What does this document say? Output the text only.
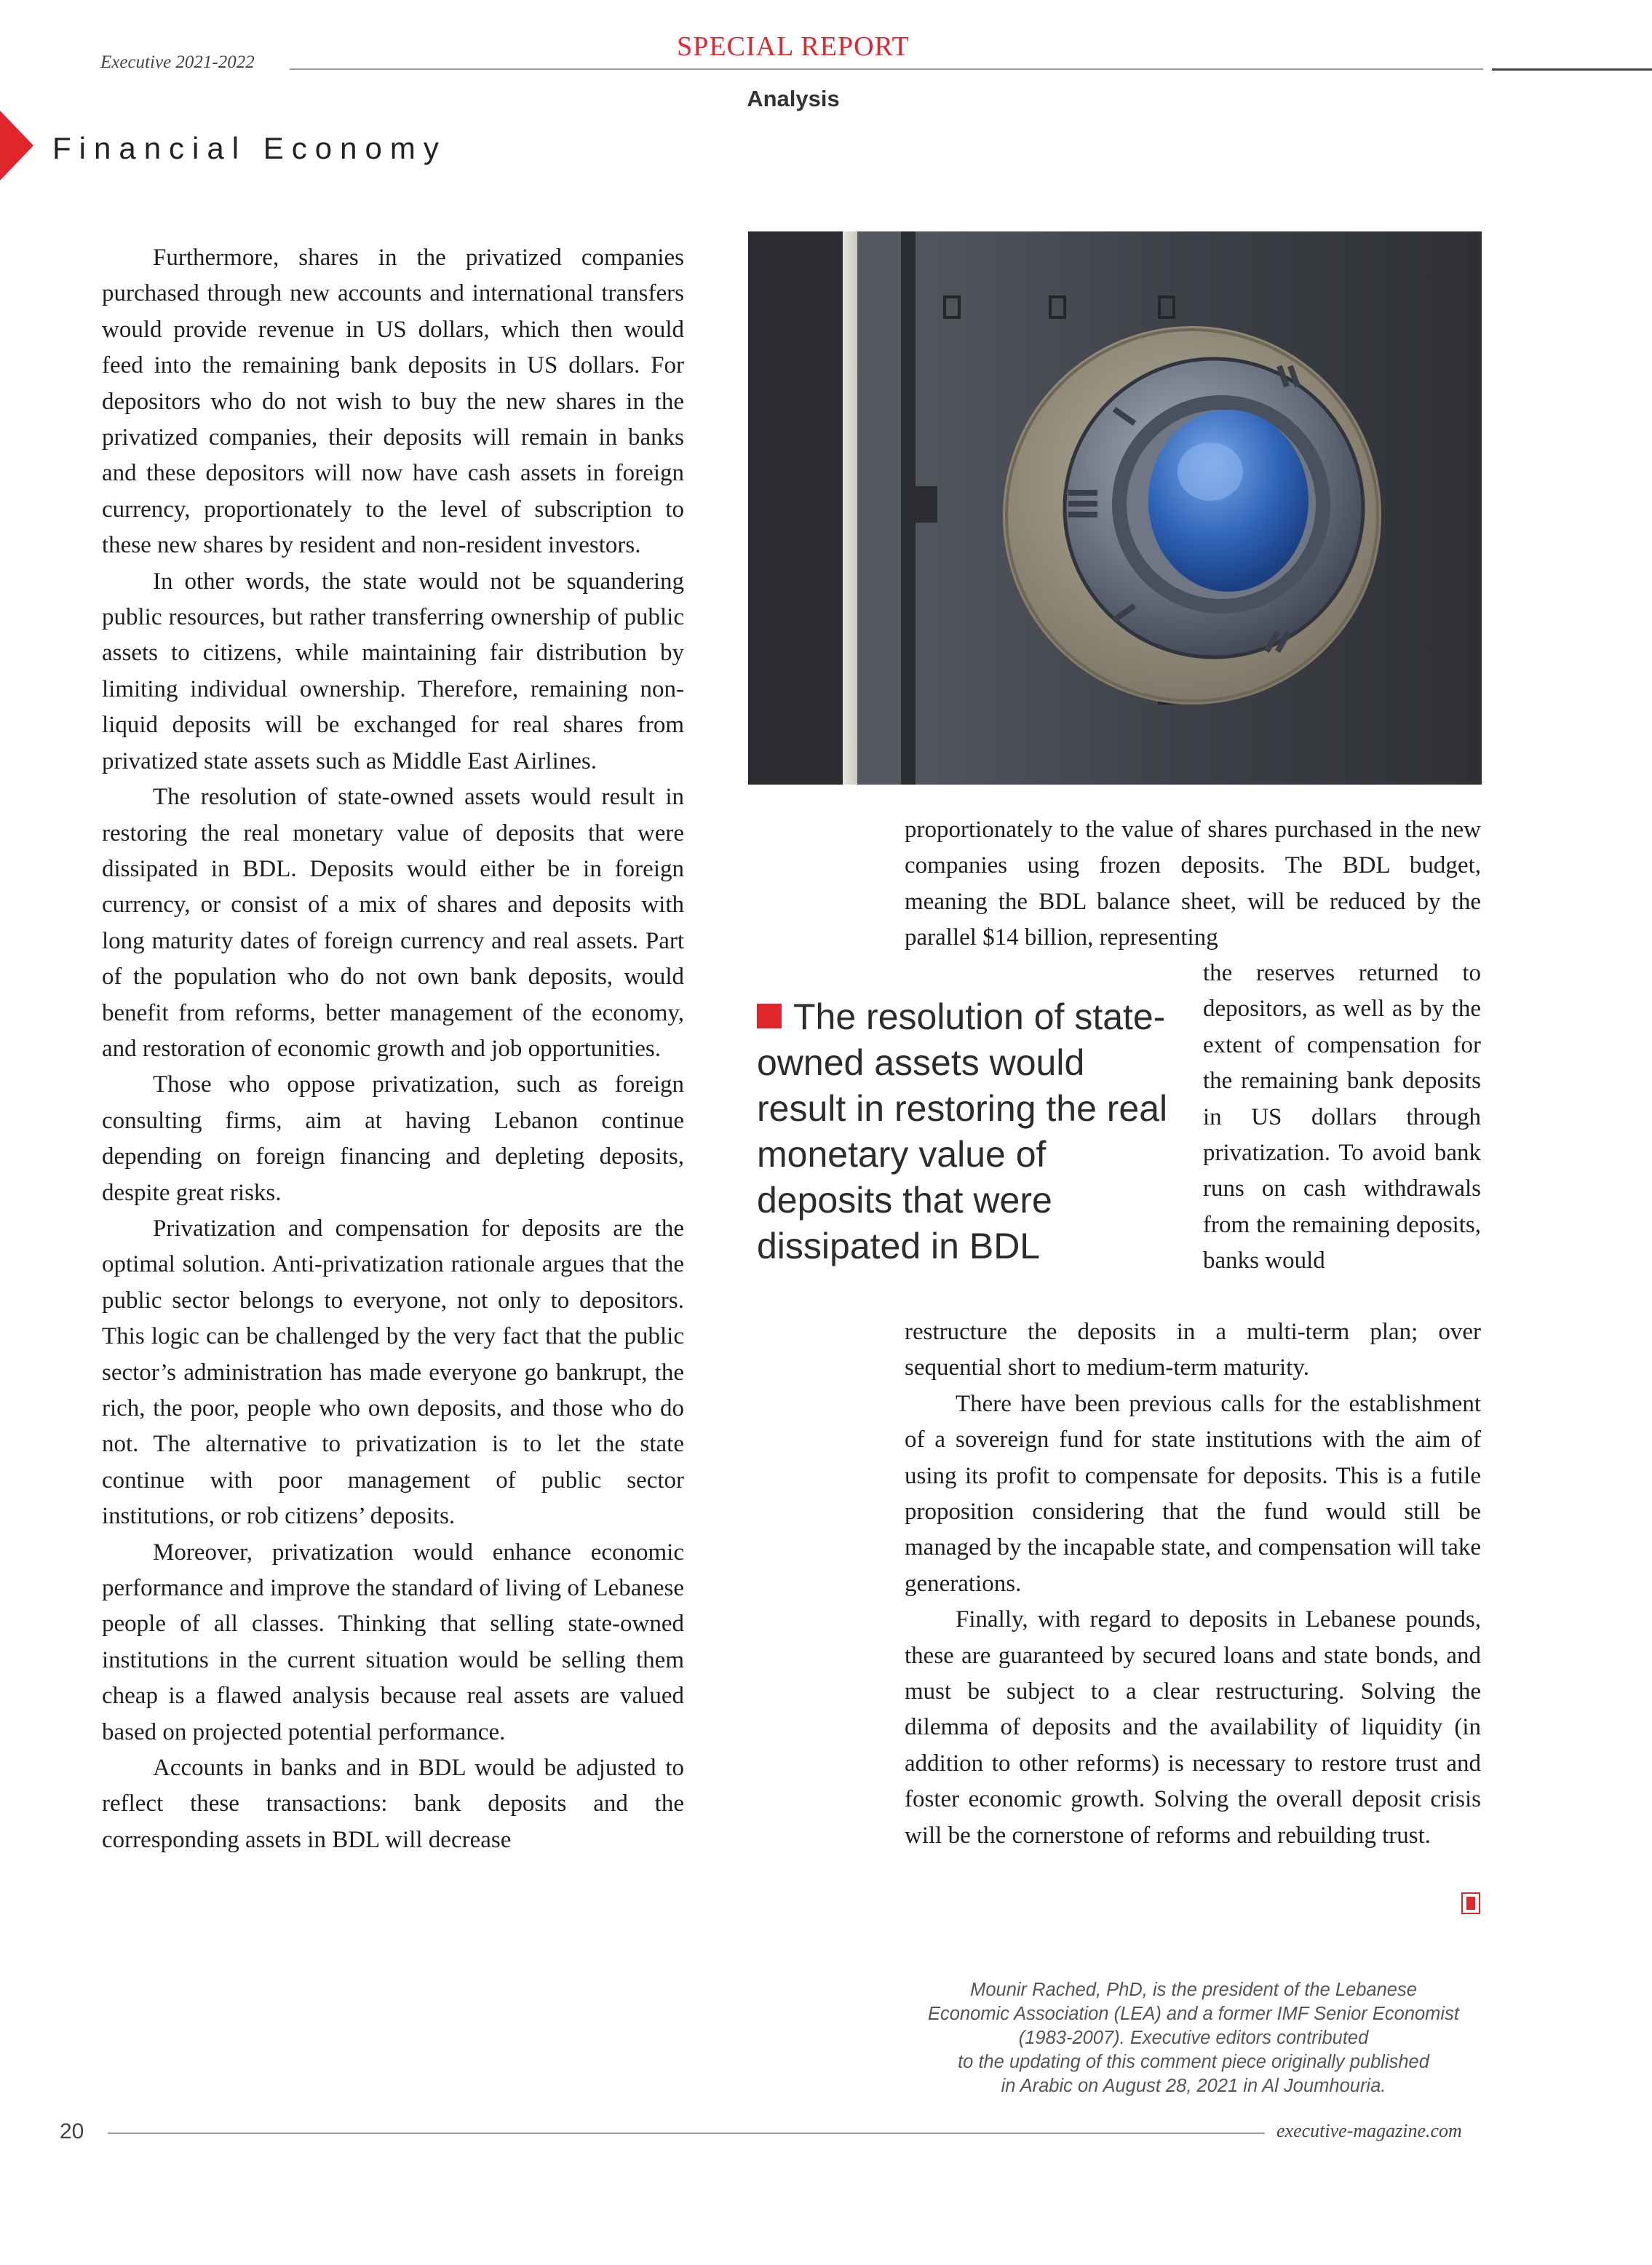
Executive 2021-2022
SPECIAL REPORT
Analysis
Financial Economy

Furthermore, shares in the privatized companies purchased through new accounts and international transfers would provide revenue in US dollars, which then would feed into the remaining bank deposits in US dollars. For depositors who do not wish to buy the new shares in the privatized companies, their deposits will remain in banks and these depositors will now have cash assets in foreign currency, proportionately to the level of subscription to these new shares by resident and non-resident investors.

In other words, the state would not be squandering public resources, but rather transferring ownership of public assets to citizens, while maintaining fair distribution by limiting individual ownership. Therefore, remaining non-liquid deposits will be exchanged for real shares from privatized state assets such as Middle East Airlines.

The resolution of state-owned assets would result in restoring the real monetary value of deposits that were dissipated in BDL. Deposits would either be in foreign currency, or consist of a mix of shares and deposits with long maturity dates of foreign currency and real assets. Part of the population who do not own bank deposits, would benefit from reforms, better management of the economy, and restoration of economic growth and job opportunities.

Those who oppose privatization, such as foreign consulting firms, aim at having Lebanon continue depending on foreign financing and depleting deposits, despite great risks.

Privatization and compensation for deposits are the optimal solution. Anti-privatization rationale argues that the public sector belongs to everyone, not only to depositors. This logic can be challenged by the very fact that the public sector’s administration has made everyone go bankrupt, the rich, the poor, people who own deposits, and those who do not. The alternative to privatization is to let the state continue with poor management of public sector institutions, or rob citizens’ deposits.

Moreover, privatization would enhance economic performance and improve the standard of living of Lebanese people of all classes. Thinking that selling state-owned institutions in the current situation would be selling them cheap is a flawed analysis because real assets are valued based on projected potential performance.

Accounts in banks and in BDL would be adjusted to reflect these transactions: bank deposits and the corresponding assets in BDL will decrease

proportionately to the value of shares purchased in the new companies using frozen deposits. The BDL budget, meaning the BDL balance sheet, will be reduced by the parallel $14 billion, representing

The resolution of state-owned assets would result in restoring the real monetary value of deposits that were dissipated in BDL

the reserves returned to depositors, as well as by the extent of compensation for the remaining bank deposits in US dollars through privatization. To avoid bank runs on cash withdrawals from the remaining deposits, banks would

restructure the deposits in a multi-term plan; over sequential short to medium-term maturity.

There have been previous calls for the establishment of a sovereign fund for state institutions with the aim of using its profit to compensate for deposits. This is a futile proposition considering that the fund would still be managed by the incapable state, and compensation will take generations.

Finally, with regard to deposits in Lebanese pounds, these are guaranteed by secured loans and state bonds, and must be subject to a clear restructuring. Solving the dilemma of deposits and the availability of liquidity (in addition to other reforms) is necessary to restore trust and foster economic growth. Solving the overall deposit crisis will be the cornerstone of reforms and rebuilding trust.

Mounir Rached, PhD, is the president of the Lebanese
Economic Association (LEA) and a former IMF Senior Economist
(1983-2007). Executive editors contributed
to the updating of this comment piece originally published
in Arabic on August 28, 2021 in Al Joumhouria.
20	executive-magazine.com
